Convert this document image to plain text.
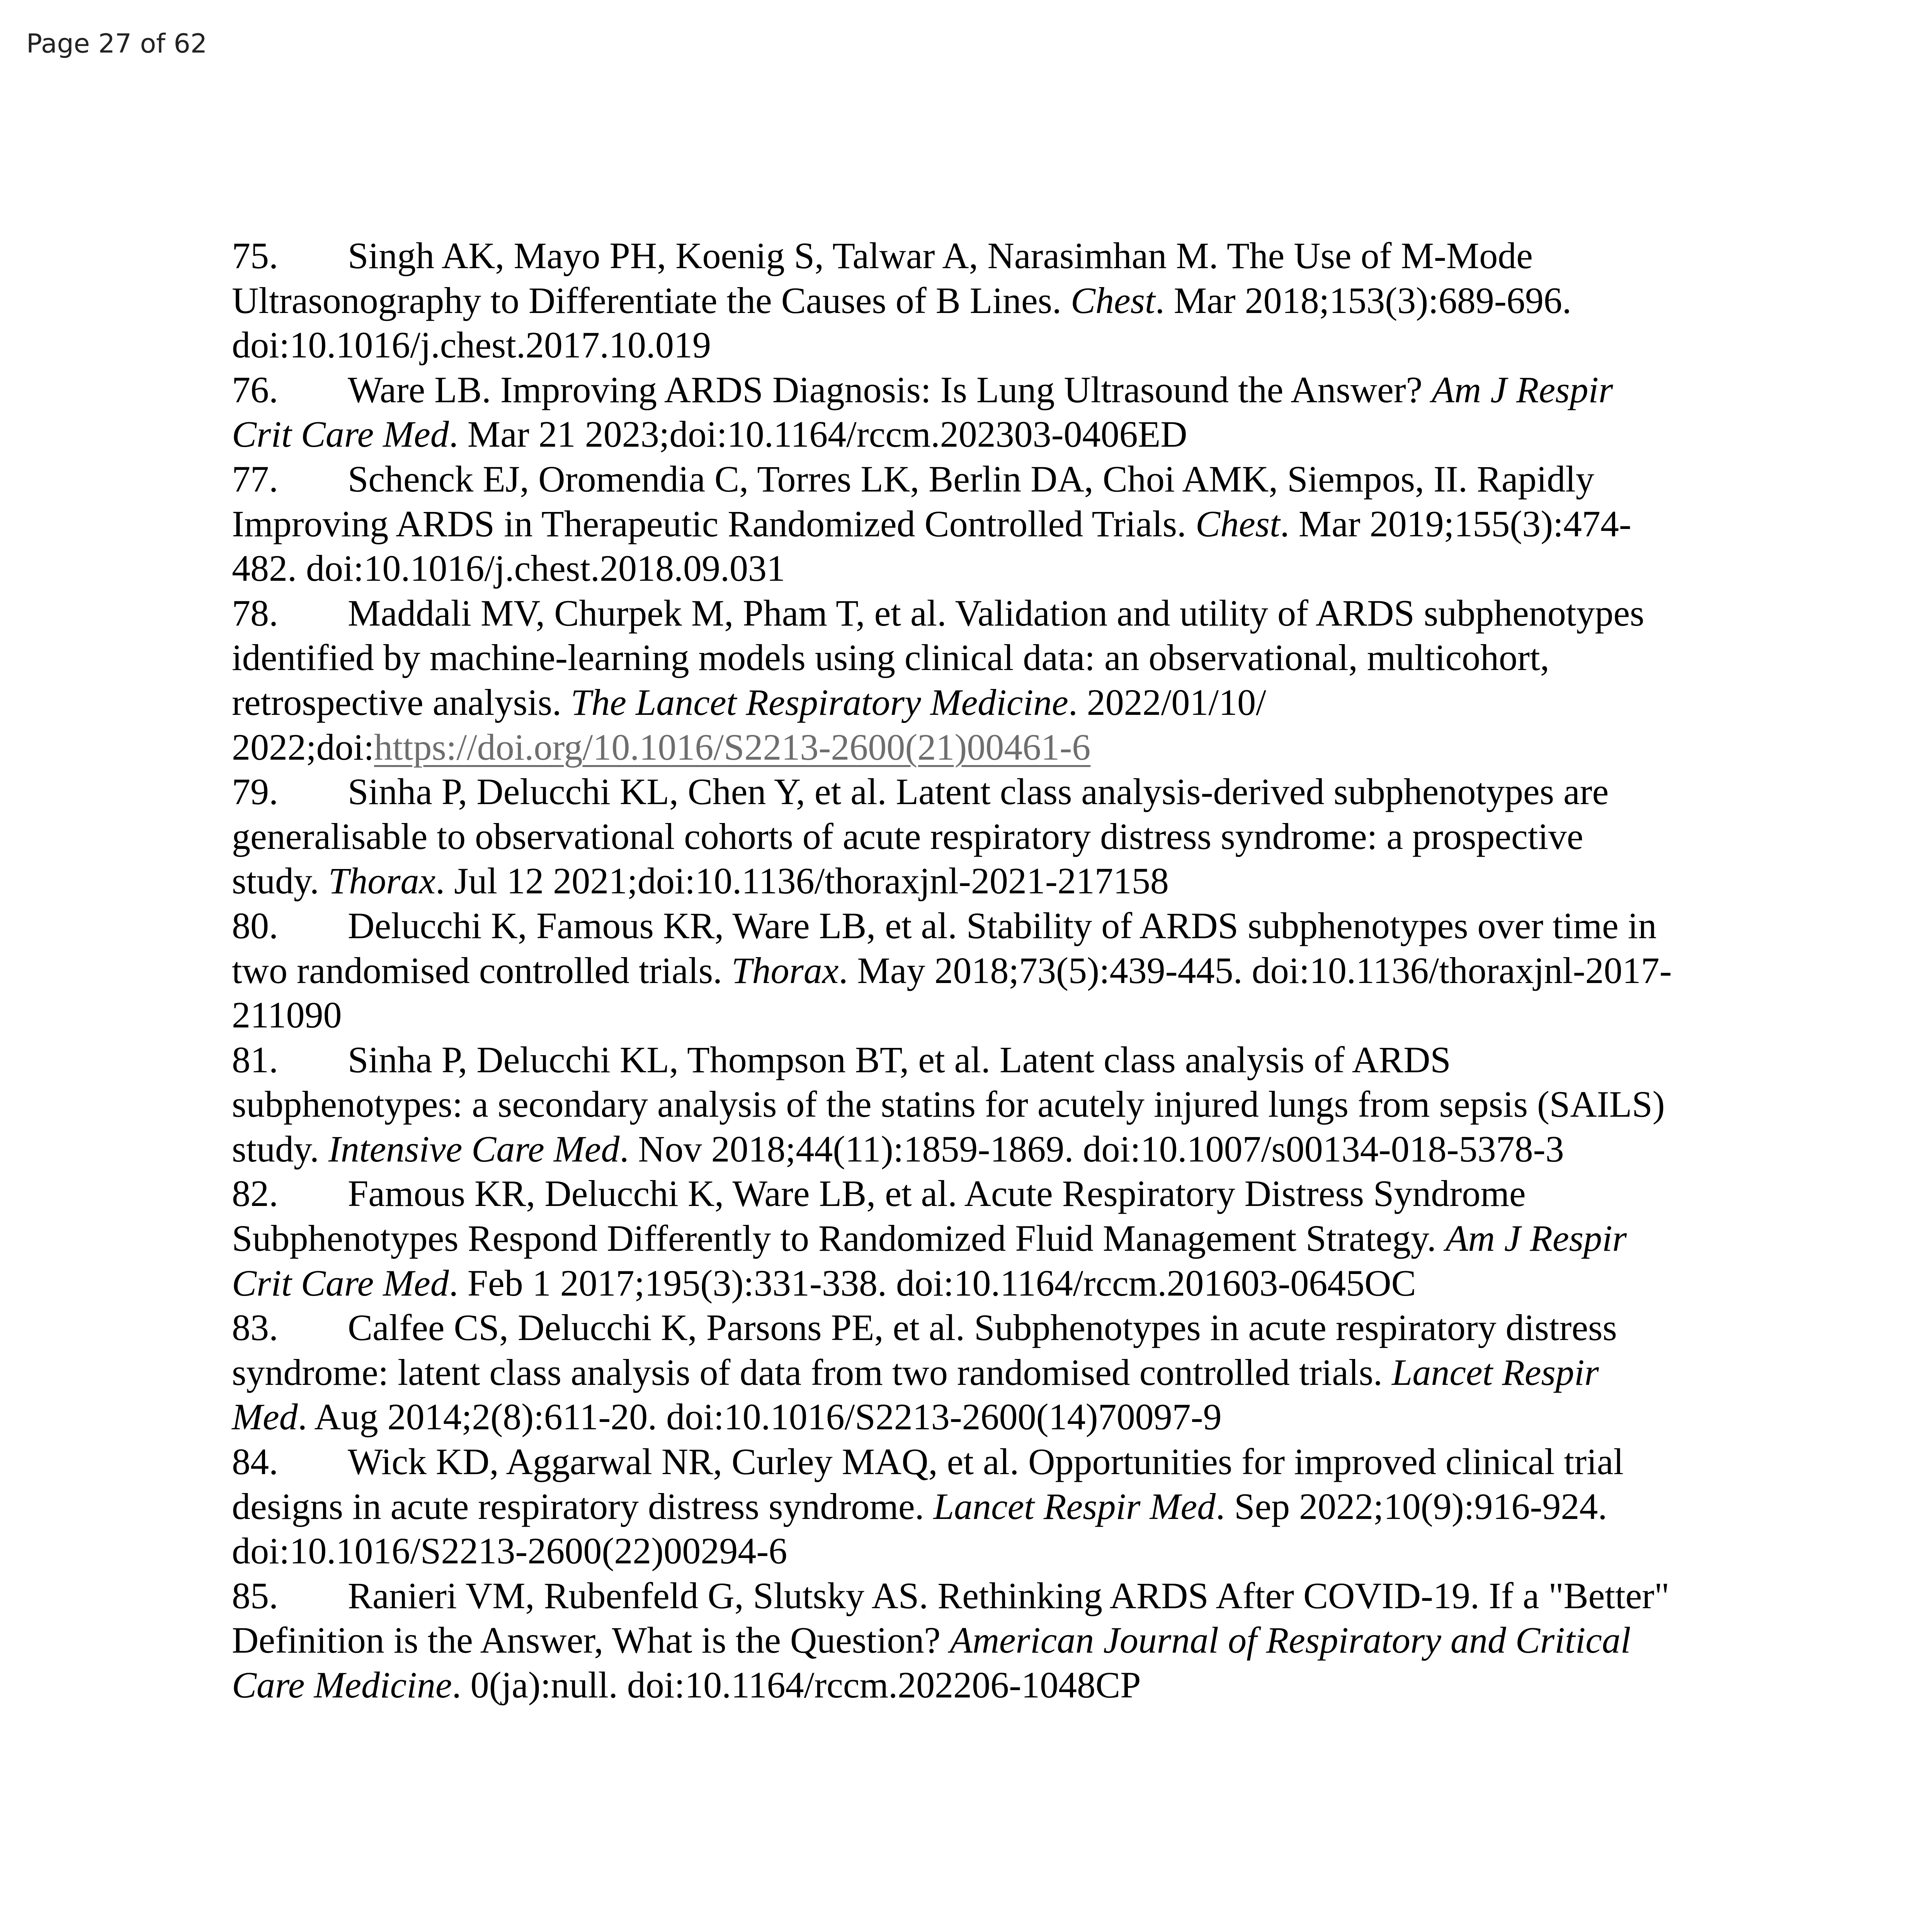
Page 27 of 62
75. Singh AK, Mayo PH, Koenig S, Talwar A, Narasimhan M. The Use of M-Mode
Ultrasonography to Differentiate the Causes of B Lines. Chest. Mar 2018;153(3):689-696.
doi:10.1016/j.chest.2017.10.019
76. Ware LB. Improving ARDS Diagnosis: Is Lung Ultrasound the Answer? Am J Respir
Crit Care Med. Mar 21 2023;doi:10.1164/rccm.202303-0406ED
77. Schenck EJ, Oromendia C, Torres LK, Berlin DA, Choi AMK, Siempos, II. Rapidly
Improving ARDS in Therapeutic Randomized Controlled Trials. Chest. Mar 2019;155(3):474-
482. doi:10.1016/j.chest.2018.09.031
78. Maddali MV, Churpek M, Pham T, et al. Validation and utility of ARDS subphenotypes
identified by machine-learning models using clinical data: an observational, multicohort,
retrospective analysis. The Lancet Respiratory Medicine. 2022/01/10/
2022;doi:https://doi.org/10.1016/S2213-2600(21)00461-6
79. Sinha P, Delucchi KL, Chen Y, et al. Latent class analysis-derived subphenotypes are
generalisable to observational cohorts of acute respiratory distress syndrome: a prospective
study. Thorax. Jul 12 2021;doi:10.1136/thoraxjnl-2021-217158
80. Delucchi K, Famous KR, Ware LB, et al. Stability of ARDS subphenotypes over time in
two randomised controlled trials. Thorax. May 2018;73(5):439-445. doi:10.1136/thoraxjnl-2017-
211090
81. Sinha P, Delucchi KL, Thompson BT, et al. Latent class analysis of ARDS
subphenotypes: a secondary analysis of the statins for acutely injured lungs from sepsis (SAILS)
study. Intensive Care Med. Nov 2018;44(11):1859-1869. doi:10.1007/s00134-018-5378-3
82. Famous KR, Delucchi K, Ware LB, et al. Acute Respiratory Distress Syndrome
Subphenotypes Respond Differently to Randomized Fluid Management Strategy. Am J Respir
Crit Care Med. Feb 1 2017;195(3):331-338. doi:10.1164/rccm.201603-0645OC
83. Calfee CS, Delucchi K, Parsons PE, et al. Subphenotypes in acute respiratory distress
syndrome: latent class analysis of data from two randomised controlled trials. Lancet Respir
Med. Aug 2014;2(8):611-20. doi:10.1016/S2213-2600(14)70097-9
84. Wick KD, Aggarwal NR, Curley MAQ, et al. Opportunities for improved clinical trial
designs in acute respiratory distress syndrome. Lancet Respir Med. Sep 2022;10(9):916-924.
doi:10.1016/S2213-2600(22)00294-6
85. Ranieri VM, Rubenfeld G, Slutsky AS. Rethinking ARDS After COVID-19. If a "Better"
Definition is the Answer, What is the Question? American Journal of Respiratory and Critical
Care Medicine. 0(ja):null. doi:10.1164/rccm.202206-1048CP
